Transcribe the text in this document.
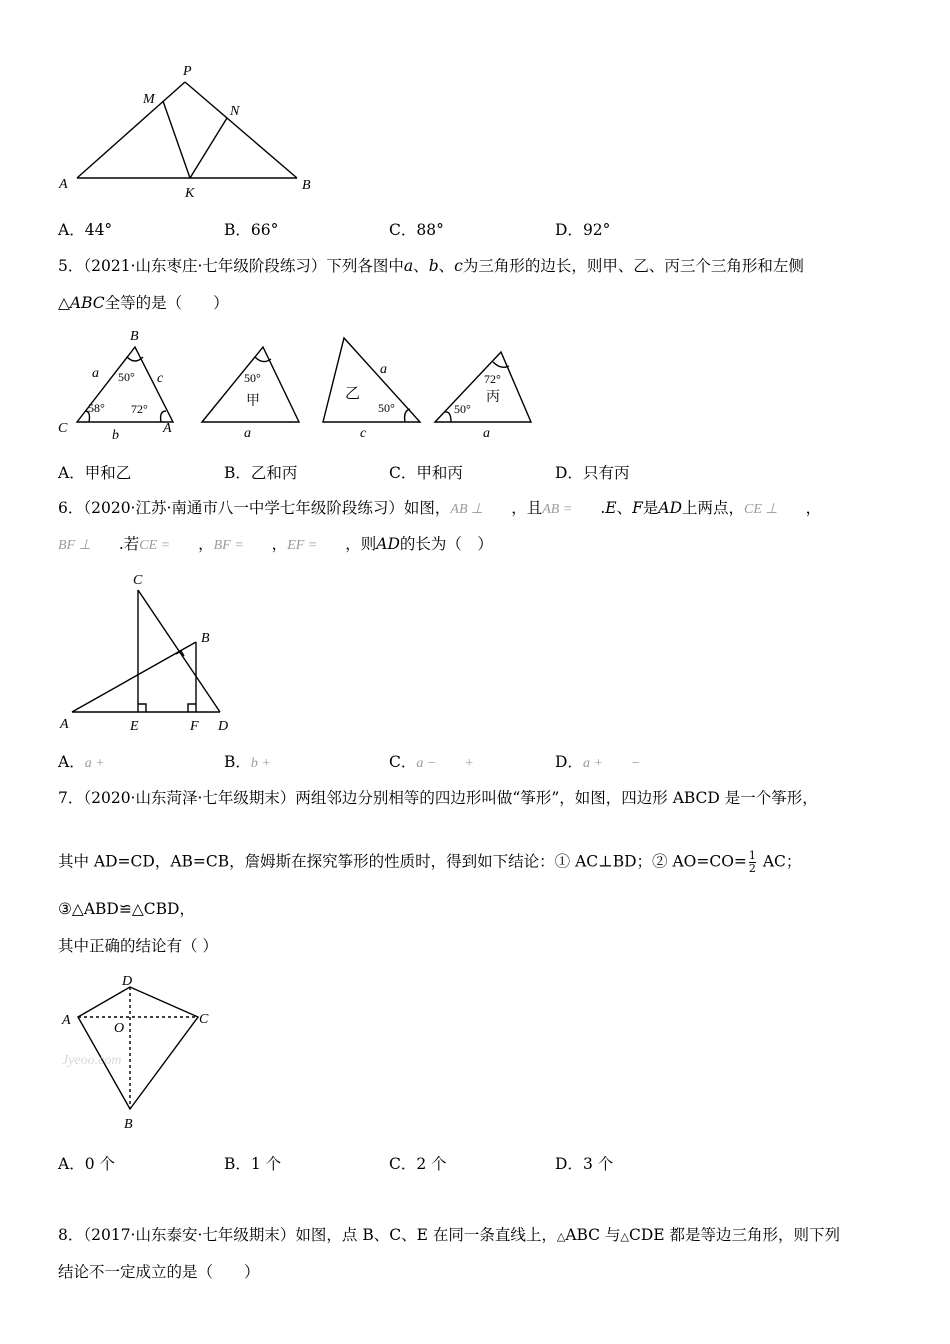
P
M
N
A
K
B
A．44°	B．66°	C．88°	D．92°
5．（2021·山东枣庄·七年级阶段练习）下列各图中a、b、c为三角形的边长，则甲、乙、丙三个三角形和左侧
△ABC全等的是（　　）
B
C	A
a	c
b
50°
58° 72°
50°
甲
a
a
乙
50°
c
72°
丙
50°
a
A．甲和乙	B．乙和丙	C．甲和丙	D．只有丙
6．（2020·江苏·南通市八一中学七年级阶段练习）如图，AB ⊥　　，且AB =　　.E、F是AD上两点，CE ⊥　　，
BF ⊥　　.若CE =　　，BF =　　，EF =　　，则AD的长为（　）
C
B
A	E	F D
A．a +　　	B．b +　　	C．a −　　+	D．a +　　−
7．（2020·山东菏泽·七年级期末）两组邻边分别相等的四边形叫做“筝形”，如图，四边形 ABCD 是一个筝形，
其中 AD=CD，AB=CB，詹姆斯在探究筝形的性质时，得到如下结论：① AC⊥BD；② $AO=CO= \frac{1}{2}$ AC；
③△ABD≌△CBD，
其中正确的结论有（ ）
D
A
O
C
B
Jyeoo.com
A．0 个	B．1 个	C．2 个	D．3 个
8．（2017·山东泰安·七年级期末）如图，点 B、C、E 在同一条直线上，△ABC 与△CDE 都是等边三角形，则下列
结论不一定成立的是（　　）
